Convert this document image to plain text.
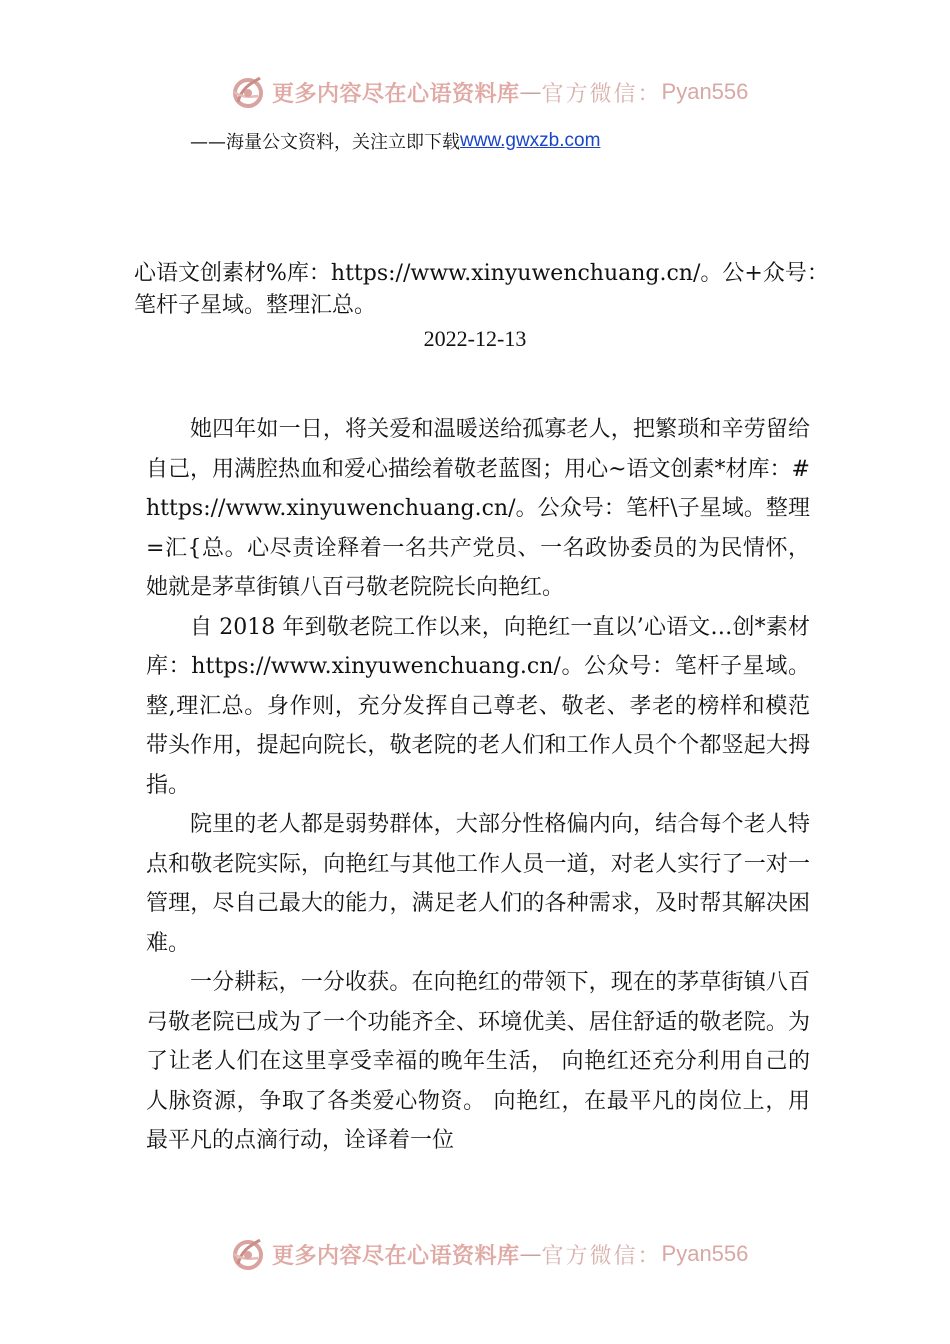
更多内容尽在心语资料库 — 官方微信： Pyan556
——海量公文资料，关注立即下载 www.gwxzb.com
心语文创素材%库：https://www.xinyuwenchuang.cn/。公+众号：笔杆子星域。整理汇总。
2022-12-13

她四年如一日，将关爱和温暖送给孤寡老人，把繁琐和辛劳留给自己，用满腔热血和爱心描绘着敬老蓝图；用心~语文创素*材库：#https://www.xinyuwenchuang.cn/。公众号：笔杆\子星域。整理=汇{总。心尽责诠释着一名共产党员、一名政协委员的为民情怀，她就是茅草街镇八百弓敬老院院长向艳红。

自 2018 年到敬老院工作以来，向艳红一直以’心语文…创*素材库：https://www.xinyuwenchuang.cn/。公众号：笔杆子星域。整,理汇总。身作则，充分发挥自己尊老、敬老、孝老的榜样和模范带头作用，提起向院长，敬老院的老人们和工作人员个个都竖起大拇指。

院里的老人都是弱势群体，大部分性格偏内向，结合每个老人特点和敬老院实际，向艳红与其他工作人员一道，对老人实行了一对一管理，尽自己最大的能力，满足老人们的各种需求，及时帮其解决困难。

一分耕耘，一分收获。在向艳红的带领下，现在的茅草街镇八百弓敬老院已成为了一个功能齐全、环境优美、居住舒适的敬老院。为了让老人们在这里享受幸福的晚年生活， 向艳红还充分利用自己的人脉资源，争取了各类爱心物资。 向艳红，在最平凡的岗位上，用最平凡的点滴行动，诠译着一位

更多内容尽在心语资料库 — 官方微信： Pyan556
